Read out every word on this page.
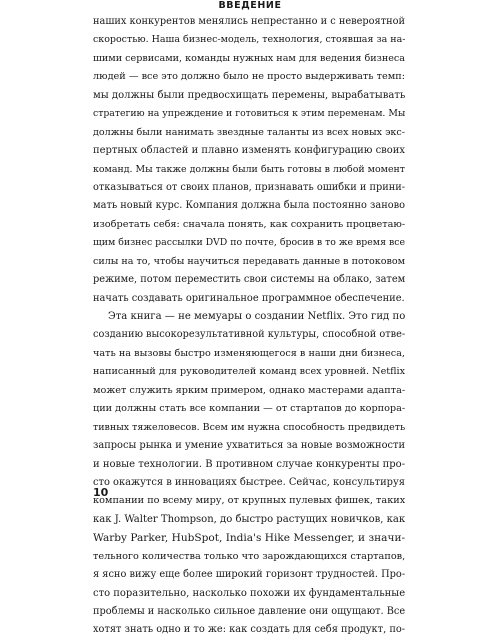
ВВЕДЕНИЕ
наших конкурентов менялись непрестанно и с невероятной
скоростью. Наша бизнес-модель, технология, стоявшая за на-
шими сервисами, команды нужных нам для ведения бизнеса
людей — все это должно было не просто выдерживать темп:
мы должны были предвосхищать перемены, вырабатывать
стратегию на упреждение и готовиться к этим переменам. Мы
должны были нанимать звездные таланты из всех новых экс-
пертных областей и плавно изменять конфигурацию своих
команд. Мы также должны были быть готовы в любой момент
отказываться от своих планов, признавать ошибки и прини-
мать новый курс. Компания должна была постоянно заново
изобретать себя: сначала понять, как сохранить процветаю-
щим бизнес рассылки DVD по почте, бросив в то же время все
силы на то, чтобы научиться передавать данные в потоковом
режиме, потом переместить свои системы на облако, затем
начать создавать оригинальное программное обеспечение.
Эта книга — не мемуары о создании Netflix. Это гид по
созданию высокорезультативной культуры, способной отве-
чать на вызовы быстро изменяющегося в наши дни бизнеса,
написанный для руководителей команд всех уровней. Netflix
может служить ярким примером, однако мастерами адапта-
ции должны стать все компании — от стартапов до корпора-
тивных тяжеловесов. Всем им нужна способность предвидеть
запросы рынка и умение ухватиться за новые возможности
и новые технологии. В противном случае конкуренты про-
сто окажутся в инновациях быстрее. Сейчас, консультируя
компании по всему миру, от крупных пулевых фишек, таких
как J. Walter Thompson, до быстро растущих новичков, как
Warby Parker, HubSpot, India's Hike Messenger, и значи-
тельного количества только что зарождающихся стартапов,
я ясно вижу еще более широкий горизонт трудностей. Про-
сто поразительно, насколько похожи их фундаментальные
проблемы и насколько сильное давление они ощущают. Все
хотят знать одно и то же: как создать для себя продукт, по-
10
